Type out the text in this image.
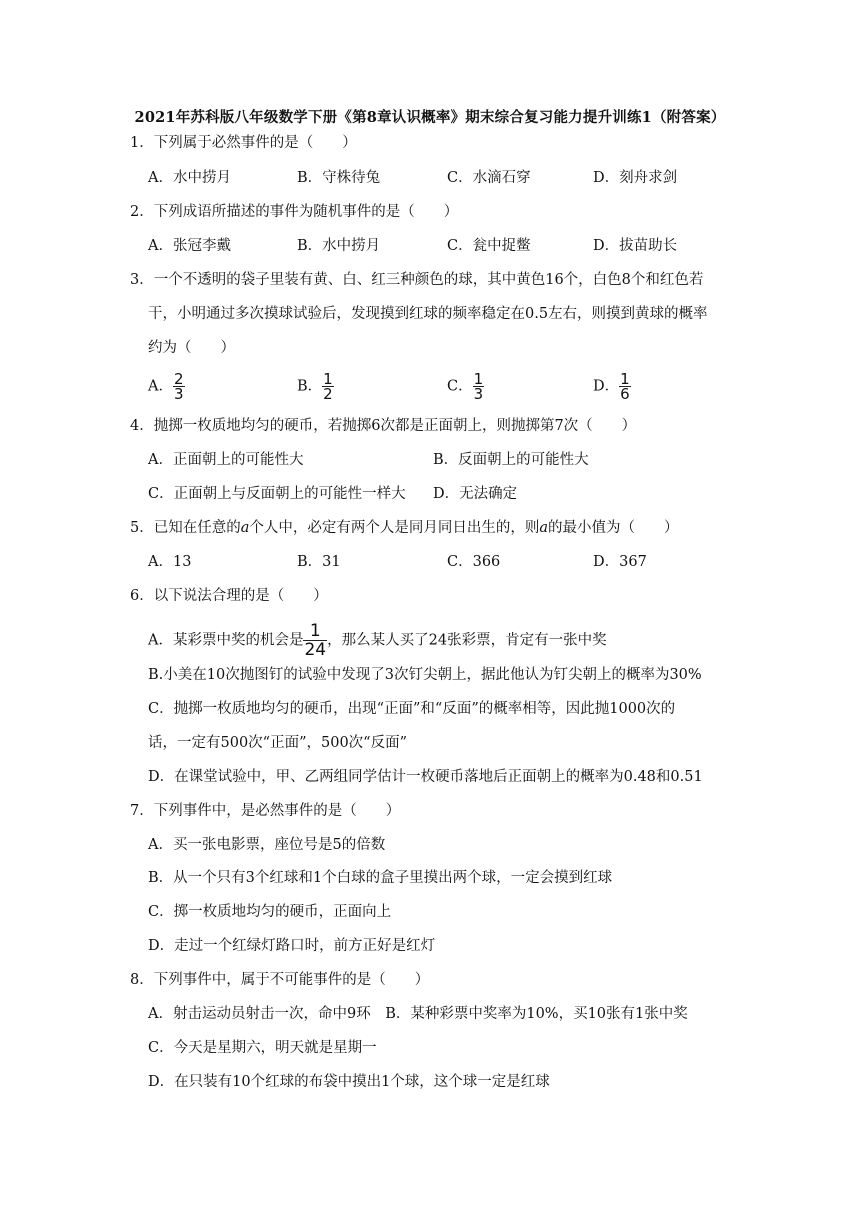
2021年苏科版八年级数学下册《第8章认识概率》期末综合复习能力提升训练1（附答案）
1．下列属于必然事件的是（　　）
A．水中捞月	B．守株待兔	C．水滴石穿	D．刻舟求剑
2．下列成语所描述的事件为随机事件的是（　　）
A．张冠李戴	B．水中捞月	C．瓮中捉鳖	D．拔苗助长
3．一个不透明的袋子里装有黄、白、红三种颜色的球，其中黄色16个，白色8个和红色若
干，小明通过多次摸球试验后，发现摸到红球的频率稳定在0.5左右，则摸到黄球的概率
约为（　　）
A． $\frac{2}{3}$	B． $\frac{1}{2}$	C． $\frac{1}{3}$	D． $\frac{1}{6}$
4．抛掷一枚质地均匀的硬币，若抛掷6次都是正面朝上，则抛掷第7次（　　）
A．正面朝上的可能性大	B．反面朝上的可能性大
C．正面朝上与反面朝上的可能性一样大 D．无法确定
5．已知在任意的a个人中，必定有两个人是同月同日出生的，则a的最小值为（　　）
A．13	B．31	C．366	D．367
6．以下说法合理的是（　　）
A．某彩票中奖的机会是 $\frac{1}{24}$ ，那么某人买了24张彩票，肯定有一张中奖
B.小美在10次抛图钉的试验中发现了3次钉尖朝上，据此他认为钉尖朝上的概率为30%
C．抛掷一枚质地均匀的硬币，出现“正面”和“反面”的概率相等，因此抛1000次的
话，一定有500次“正面”，500次“反面”
D．在课堂试验中，甲、乙两组同学估计一枚硬币落地后正面朝上的概率为0.48和0.51
7．下列事件中，是必然事件的是（　　）
A．买一张电影票，座位号是5的倍数
B．从一个只有3个红球和1个白球的盒子里摸出两个球，一定会摸到红球
C．掷一枚质地均匀的硬币，正面向上
D．走过一个红绿灯路口时，前方正好是红灯
8．下列事件中，属于不可能事件的是（　　）
A．射击运动员射击一次，命中9环　B．某种彩票中奖率为10%，买10张有1张中奖
C．今天是星期六，明天就是星期一
D．在只装有10个红球的布袋中摸出1个球，这个球一定是红球
